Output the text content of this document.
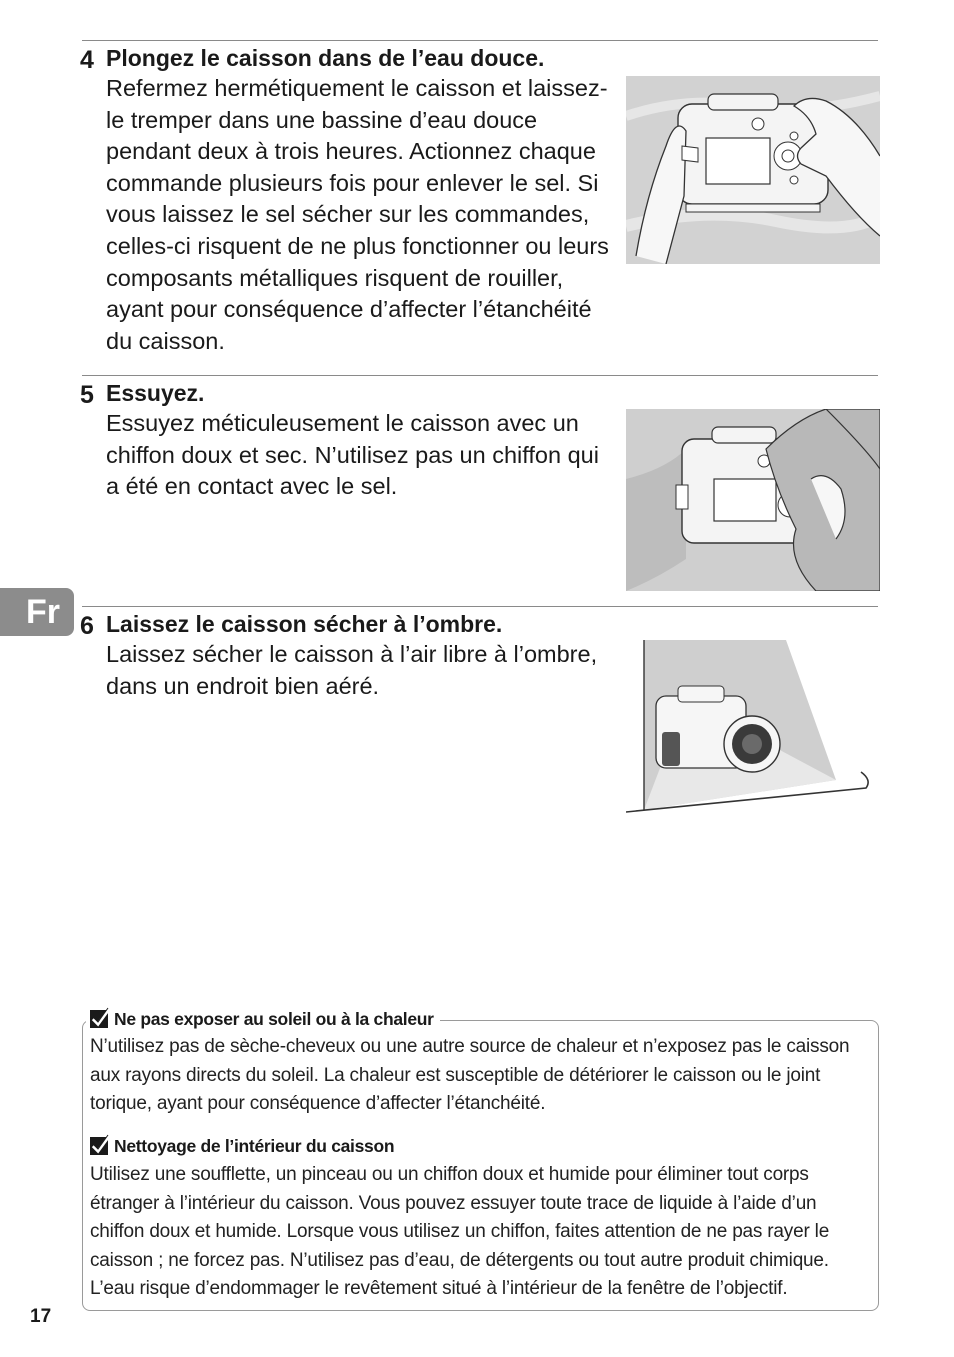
4 Plongez le caisson dans de l’eau douce.
Refermez hermétiquement le caisson et laissez-le tremper dans une bassine d’eau douce pendant deux à trois heures. Actionnez chaque commande plusieurs fois pour enlever le sel. Si vous laissez le sel sécher sur les commandes, celles-ci risquent de ne plus fonctionner ou leurs composants métalliques risquent de rouiller, ayant pour conséquence d’affecter l’étanchéité du caisson.
5 Essuyez.
Essuyez méticuleusement le caisson avec un chiffon doux et sec. N’utilisez pas un chiffon qui a été en contact avec le sel.
6 Laissez le caisson sécher à l’ombre.
Laissez sécher le caisson à l’air libre à l’ombre, dans un endroit bien aéré.
Fr
Ne pas exposer au soleil ou à la chaleur
N’utilisez pas de sèche-cheveux ou une autre source de chaleur et n’exposez pas le caisson aux rayons directs du soleil. La chaleur est susceptible de détériorer le caisson ou le joint torique, ayant pour conséquence d’affecter l’étanchéité.
Nettoyage de l’intérieur du caisson
Utilisez une soufflette, un pinceau ou un chiffon doux et humide pour éliminer tout corps étranger à l’intérieur du caisson. Vous pouvez essuyer toute trace de liquide à l’aide d’un chiffon doux et humide. Lorsque vous utilisez un chiffon, faites attention de ne pas rayer le caisson ; ne forcez pas. N’utilisez pas d’eau, de détergents ou tout autre produit chimique. L’eau risque d’endommager le revêtement situé à l’intérieur de la fenêtre de l’objectif.
17
